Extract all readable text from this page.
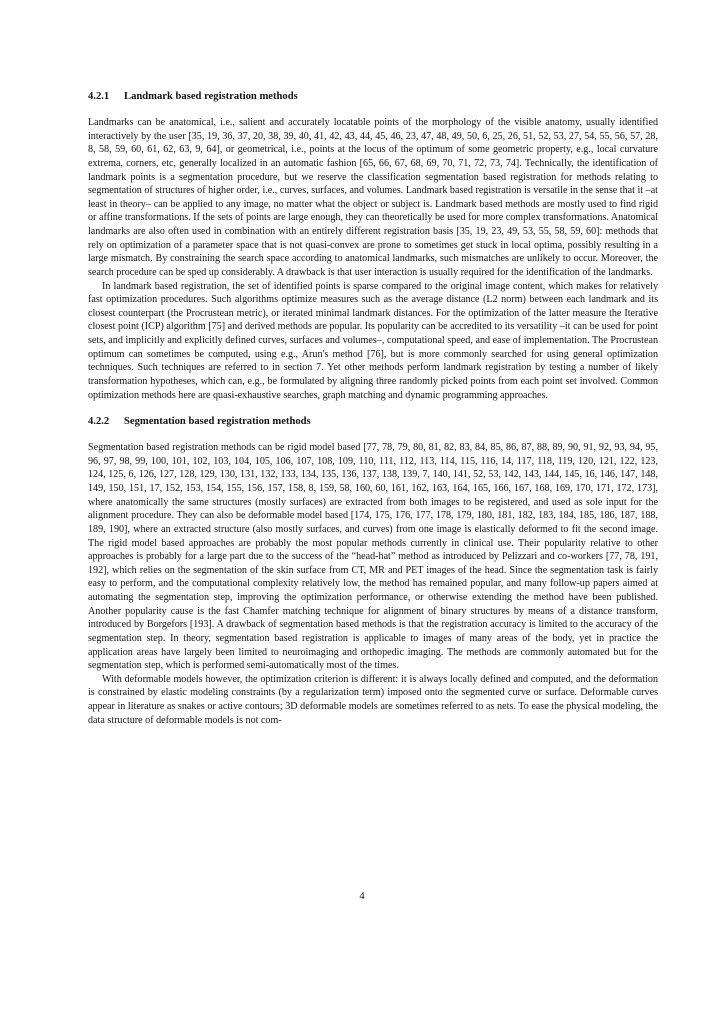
4.2.1 Landmark based registration methods

Landmarks can be anatomical, i.e., salient and accurately locatable points of the morphology of the visible anatomy, usually identified interactively by the user [35, 19, 36, 37, 20, 38, 39, 40, 41, 42, 43, 44, 45, 46, 23, 47, 48, 49, 50, 6, 25, 26, 51, 52, 53, 27, 54, 55, 56, 57, 28, 8, 58, 59, 60, 61, 62, 63, 9, 64], or geometrical, i.e., points at the locus of the optimum of some geometric property, e.g., local curvature extrema, corners, etc, generally localized in an automatic fashion [65, 66, 67, 68, 69, 70, 71, 72, 73, 74]. Technically, the identification of landmark points is a segmentation procedure, but we reserve the classification segmentation based registration for methods relating to segmentation of structures of higher order, i.e., curves, surfaces, and volumes. Landmark based registration is versatile in the sense that it –at least in theory– can be applied to any image, no matter what the object or subject is. Landmark based methods are mostly used to find rigid or affine transformations. If the sets of points are large enough, they can theoretically be used for more complex transformations. Anatomical landmarks are also often used in combination with an entirely different registration basis [35, 19, 23, 49, 53, 55, 58, 59, 60]: methods that rely on optimization of a parameter space that is not quasi-convex are prone to sometimes get stuck in local optima, possibly resulting in a large mismatch. By constraining the search space according to anatomical landmarks, such mismatches are unlikely to occur. Moreover, the search procedure can be sped up considerably. A drawback is that user interaction is usually required for the identification of the landmarks.

In landmark based registration, the set of identified points is sparse compared to the original image content, which makes for relatively fast optimization procedures. Such algorithms optimize measures such as the average distance (L2 norm) between each landmark and its closest counterpart (the Procrustean metric), or iterated minimal landmark distances. For the optimization of the latter measure the Iterative closest point (ICP) algorithm [75] and derived methods are popular. Its popularity can be accredited to its versatility –it can be used for point sets, and implicitly and explicitly defined curves, surfaces and volumes–, computational speed, and ease of implementation. The Procrustean optimum can sometimes be computed, using e.g., Arun's method [76], but is more commonly searched for using general optimization techniques. Such techniques are referred to in section 7. Yet other methods perform landmark registration by testing a number of likely transformation hypotheses, which can, e.g., be formulated by aligning three randomly picked points from each point set involved. Common optimization methods here are quasi-exhaustive searches, graph matching and dynamic programming approaches.

4.2.2 Segmentation based registration methods

Segmentation based registration methods can be rigid model based [77, 78, 79, 80, 81, 82, 83, 84, 85, 86, 87, 88, 89, 90, 91, 92, 93, 94, 95, 96, 97, 98, 99, 100, 101, 102, 103, 104, 105, 106, 107, 108, 109, 110, 111, 112, 113, 114, 115, 116, 14, 117, 118, 119, 120, 121, 122, 123, 124, 125, 6, 126, 127, 128, 129, 130, 131, 132, 133, 134, 135, 136, 137, 138, 139, 7, 140, 141, 52, 53, 142, 143, 144, 145, 16, 146, 147, 148, 149, 150, 151, 17, 152, 153, 154, 155, 156, 157, 158, 8, 159, 58, 160, 60, 161, 162, 163, 164, 165, 166, 167, 168, 169, 170, 171, 172, 173], where anatomically the same structures (mostly surfaces) are extracted from both images to be registered, and used as sole input for the alignment procedure. They can also be deformable model based [174, 175, 176, 177, 178, 179, 180, 181, 182, 183, 184, 185, 186, 187, 188, 189, 190], where an extracted structure (also mostly surfaces, and curves) from one image is elastically deformed to fit the second image. The rigid model based approaches are probably the most popular methods currently in clinical use. Their popularity relative to other approaches is probably for a large part due to the success of the “head-hat” method as introduced by Pelizzari and co-workers [77, 78, 191, 192], which relies on the segmentation of the skin surface from CT, MR and PET images of the head. Since the segmentation task is fairly easy to perform, and the computational complexity relatively low, the method has remained popular, and many follow-up papers aimed at automating the segmentation step, improving the optimization performance, or otherwise extending the method have been published. Another popularity cause is the fast Chamfer matching technique for alignment of binary structures by means of a distance transform, introduced by Borgefors [193]. A drawback of segmentation based methods is that the registration accuracy is limited to the accuracy of the segmentation step. In theory, segmentation based registration is applicable to images of many areas of the body, yet in practice the application areas have largely been limited to neuroimaging and orthopedic imaging. The methods are commonly automated but for the segmentation step, which is performed semi-automatically most of the times.

With deformable models however, the optimization criterion is different: it is always locally defined and computed, and the deformation is constrained by elastic modeling constraints (by a regularization term) imposed onto the segmented curve or surface. Deformable curves appear in literature as snakes or active contours; 3D deformable models are sometimes referred to as nets. To ease the physical modeling, the data structure of deformable models is not com-

4
